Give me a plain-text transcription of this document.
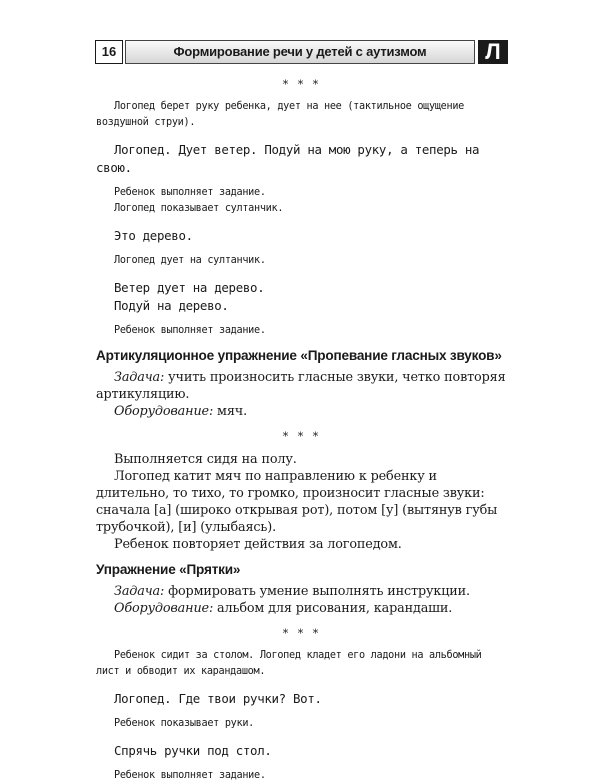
16	Формирование речи у детей с аутизмом	Л
* * *

Логопед берет руку ребенка, дует на нее (тактильное ощущение воздушной струи).

Логопед. Дует ветер. Подуй на мою руку, а теперь на свою.

Ребенок выполняет задание.

Логопед показывает султанчик.

Это дерево.

Логопед дует на султанчик.

Ветер дует на дерево.

Подуй на дерево.

Ребенок выполняет задание.

Артикуляционное упражнение «Пропевание гласных звуков»

Задача: учить произносить гласные звуки, четко повторяя артикуляцию.

Оборудование: мяч.

* * *

Выполняется сидя на полу.

Логопед катит мяч по направлению к ребенку и длительно, то тихо, то громко, произносит гласные звуки: сначала [а] (широко открывая рот), потом [у] (вытянув губы трубочкой), [и] (улыбаясь).

Ребенок повторяет действия за логопедом.

Упражнение «Прятки»

Задача: формировать умение выполнять инструкции.

Оборудование: альбом для рисования, карандаши.

* * *

Ребенок сидит за столом. Логопед кладет его ладони на альбомный лист и обводит их карандашом.

Логопед. Где твои ручки? Вот.

Ребенок показывает руки.

Спрячь ручки под стол.

Ребенок выполняет задание.
